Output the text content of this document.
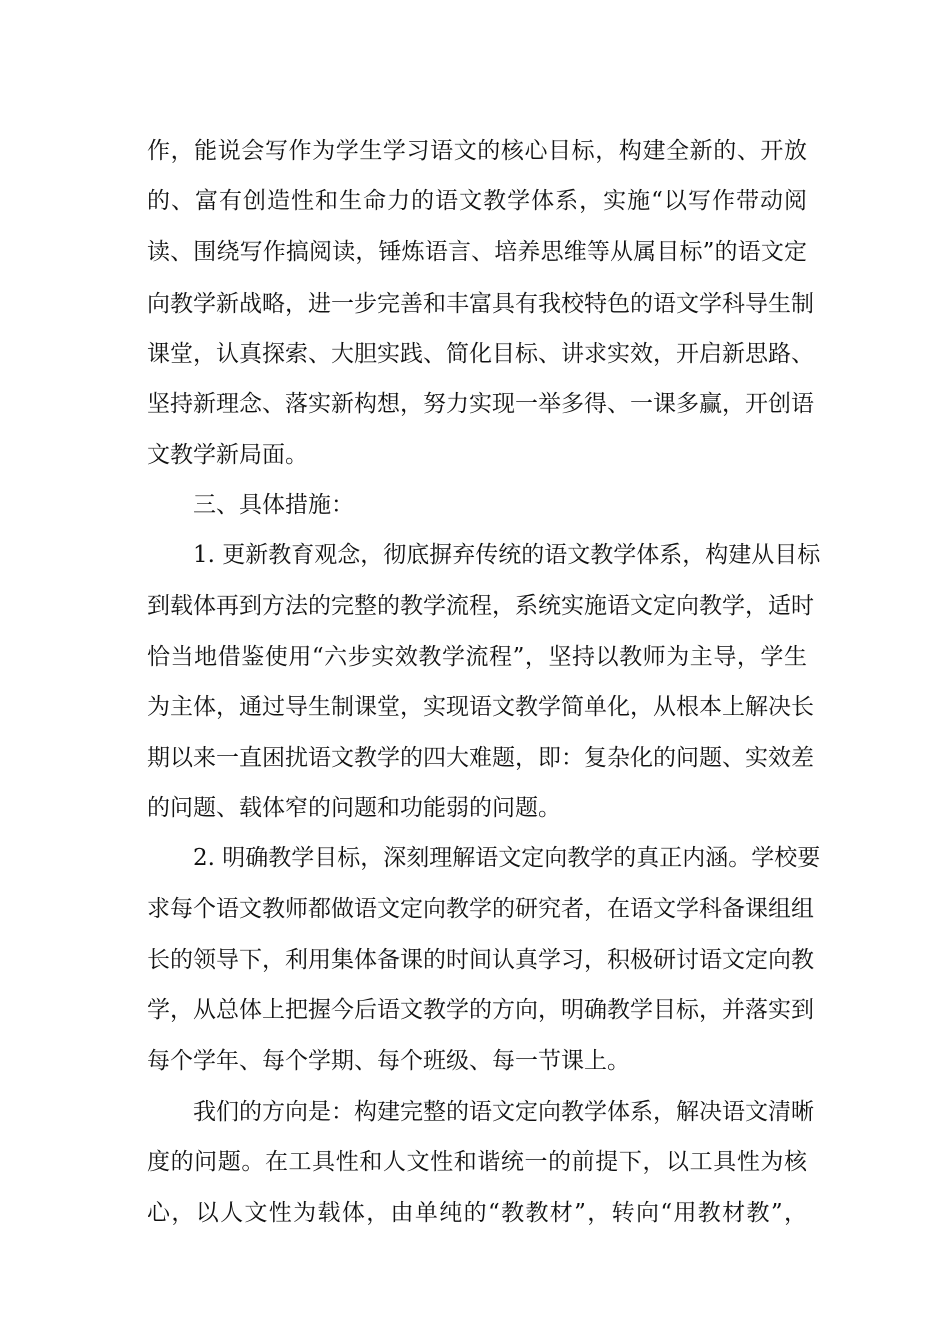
作，能说会写作为学生学习语文的核心目标，构建全新的、开放
的、富有创造性和生命力的语文教学体系，实施“以写作带动阅
读、围绕写作搞阅读，锤炼语言、培养思维等从属目标”的语文定
向教学新战略，进一步完善和丰富具有我校特色的语文学科导生制
课堂，认真探索、大胆实践、简化目标、讲求实效，开启新思路、
坚持新理念、落实新构想，努力实现一举多得、一课多赢，开创语
文教学新局面。
三、具体措施：
1. 更新教育观念，彻底摒弃传统的语文教学体系，构建从目标
到载体再到方法的完整的教学流程，系统实施语文定向教学，适时
恰当地借鉴使用“六步实效教学流程”，坚持以教师为主导，学生
为主体，通过导生制课堂，实现语文教学简单化，从根本上解决长
期以来一直困扰语文教学的四大难题，即：复杂化的问题、实效差
的问题、载体窄的问题和功能弱的问题。
2. 明确教学目标，深刻理解语文定向教学的真正内涵。学校要
求每个语文教师都做语文定向教学的研究者，在语文学科备课组组
长的领导下，利用集体备课的时间认真学习，积极研讨语文定向教
学，从总体上把握今后语文教学的方向，明确教学目标，并落实到
每个学年、每个学期、每个班级、每一节课上。
我们的方向是：构建完整的语文定向教学体系，解决语文清晰
度的问题。在工具性和人文性和谐统一的前提下，以工具性为核
心，以人文性为载体，由单纯的“教教材”，转向“用教材教”，
